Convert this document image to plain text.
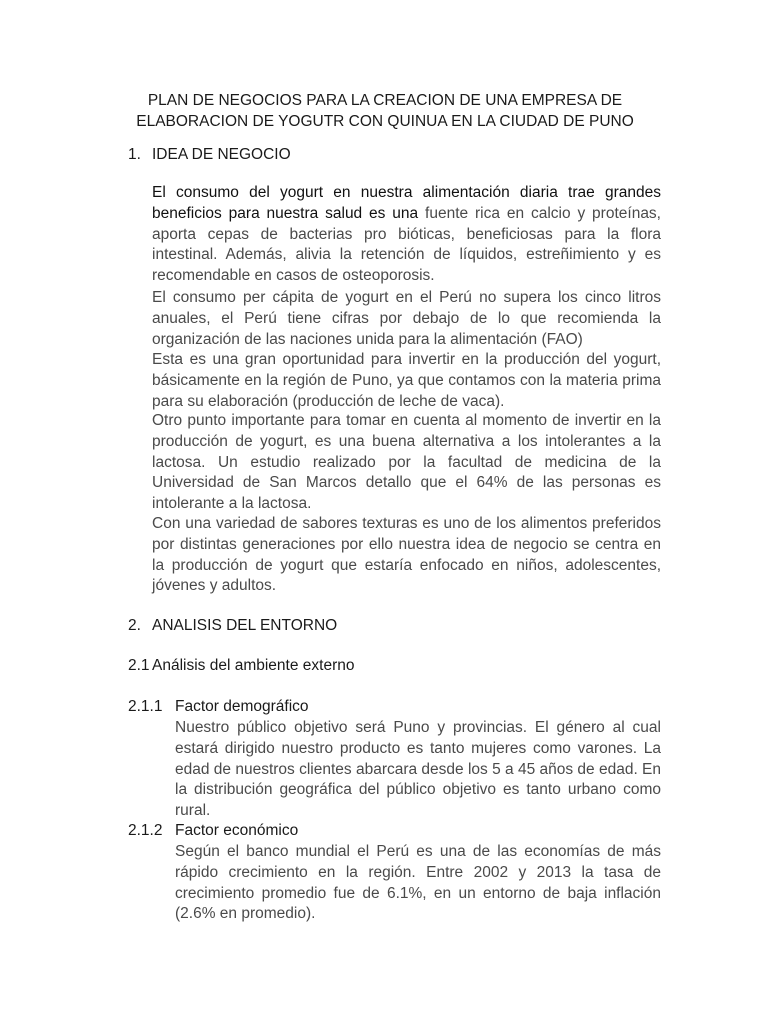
PLAN DE NEGOCIOS PARA LA CREACION DE UNA EMPRESA DE
ELABORACION DE YOGUTR CON QUINUA EN LA CIUDAD DE PUNO
1. IDEA DE NEGOCIO
El consumo del yogurt en nuestra alimentación diaria trae grandes beneficios para nuestra salud es una fuente rica en calcio y proteínas, aporta cepas de bacterias pro bióticas, beneficiosas para la flora intestinal. Además, alivia la retención de líquidos, estreñimiento y es recomendable en casos de osteoporosis.
El consumo per cápita de yogurt en el Perú no supera los cinco litros anuales, el Perú tiene cifras por debajo de lo que recomienda la organización de las naciones unida para la alimentación (FAO)
Esta es una gran oportunidad para invertir en la producción del yogurt, básicamente en la región de Puno, ya que contamos con la materia prima para su elaboración (producción de leche de vaca).
Otro punto importante para tomar en cuenta al momento de invertir en la producción de yogurt, es una buena alternativa a los intolerantes a la lactosa. Un estudio realizado por la facultad de medicina de la Universidad de San Marcos detallo que el 64% de las personas es intolerante a la lactosa.
Con una variedad de sabores texturas es uno de los alimentos preferidos por distintas generaciones por ello nuestra idea de negocio se centra en la producción de yogurt que estaría enfocado en niños, adolescentes, jóvenes y adultos.
2. ANALISIS DEL ENTORNO
2.1 Análisis del ambiente externo
2.1.1 Factor demográfico
Nuestro público objetivo será Puno y provincias. El género al cual estará dirigido nuestro producto es tanto mujeres como varones. La edad de nuestros clientes abarcara desde los 5 a 45 años de edad. En la distribución geográfica del público objetivo es tanto urbano como rural.
2.1.2 Factor económico
Según el banco mundial el Perú es una de las economías de más rápido crecimiento en la región. Entre 2002 y 2013 la tasa de crecimiento promedio fue de 6.1%, en un entorno de baja inflación (2.6% en promedio).
